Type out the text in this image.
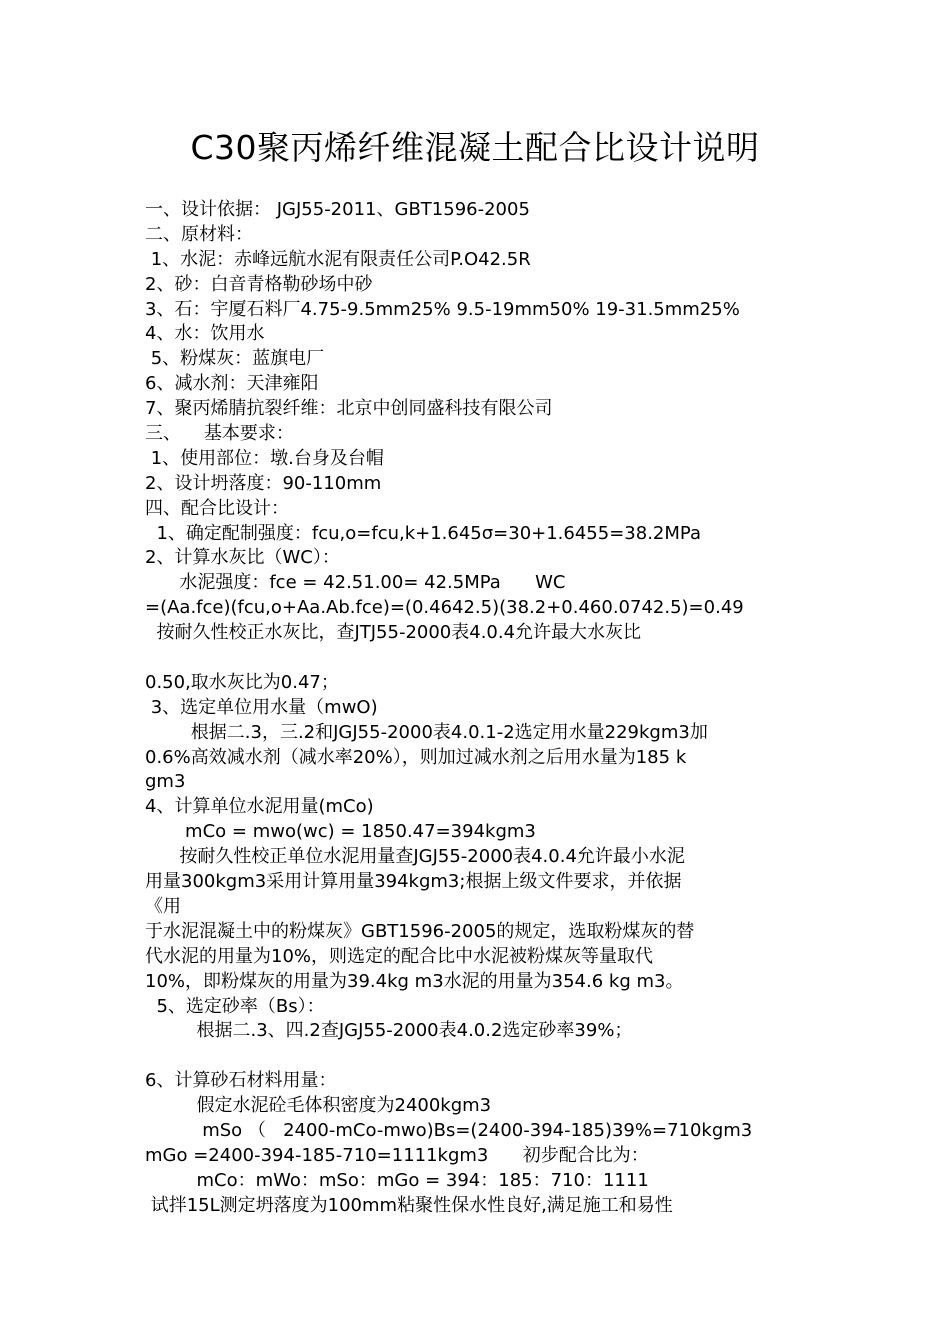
C30聚丙烯纤维混凝土配合比设计说明
一、设计依据： JGJ55-2011、GBT1596-2005
二、原材料：
1、水泥：赤峰远航水泥有限责任公司P.O42.5R
2、砂：白音青格勒砂场中砂
3、石：宇厦石料厂4.75-9.5mm25% 9.5-19mm50% 19-31.5mm25%
4、水：饮用水
5、粉煤灰：蓝旗电厂
6、减水剂：天津雍阳
7、聚丙烯腈抗裂纤维：北京中创同盛科技有限公司
三、    基本要求：
1、使用部位：墩.台身及台帽
2、设计坍落度：90-110mm
四、配合比设计：
1、确定配制强度：fcu,o=fcu,k+1.645σ=30+1.6455=38.2MPa
2、计算水灰比（WC）：
水泥强度：fce = 42.51.00= 42.5MPa      WC
=(Aa.fce)(fcu,o+Aa.Ab.fce)=(0.4642.5)(38.2+0.460.0742.5)=0.49
按耐久性校正水灰比，查JTJ55-2000表4.0.4允许最大水灰比
0.50,取水灰比为0.47；
3、选定单位用水量（mwO)
根据二.3，三.2和JGJ55-2000表4.0.1-2选定用水量229kgm3加
0.6%高效减水剂（减水率20%），则加过减水剂之后用水量为185 k
gm3
4、计算单位水泥用量(mCo)
mCo = mwo(wc) = 1850.47=394kgm3
按耐久性校正单位水泥用量查JGJ55-2000表4.0.4允许最小水泥
用量300kgm3采用计算用量394kgm3;根据上级文件要求，并依据
《用
于水泥混凝土中的粉煤灰》GBT1596-2005的规定，选取粉煤灰的替
代水泥的用量为10%，则选定的配合比中水泥被粉煤灰等量取代
10%，即粉煤灰的用量为39.4kg m3水泥的用量为354.6 kg m3。
5、选定砂率（Bs）：
根据二.3、四.2查JGJ55-2000表4.0.2选定砂率39%；
6、计算砂石材料用量：
假定水泥砼毛体积密度为2400kgm3
mSo （   2400-mCo-mwo)Bs=(2400-394-185)39%=710kgm3
mGo =2400-394-185-710=1111kgm3      初步配合比为：
mCo：mWo：mSo：mGo = 394：185：710：1111
试拌15L测定坍落度为100mm粘聚性保水性良好,满足施工和易性
